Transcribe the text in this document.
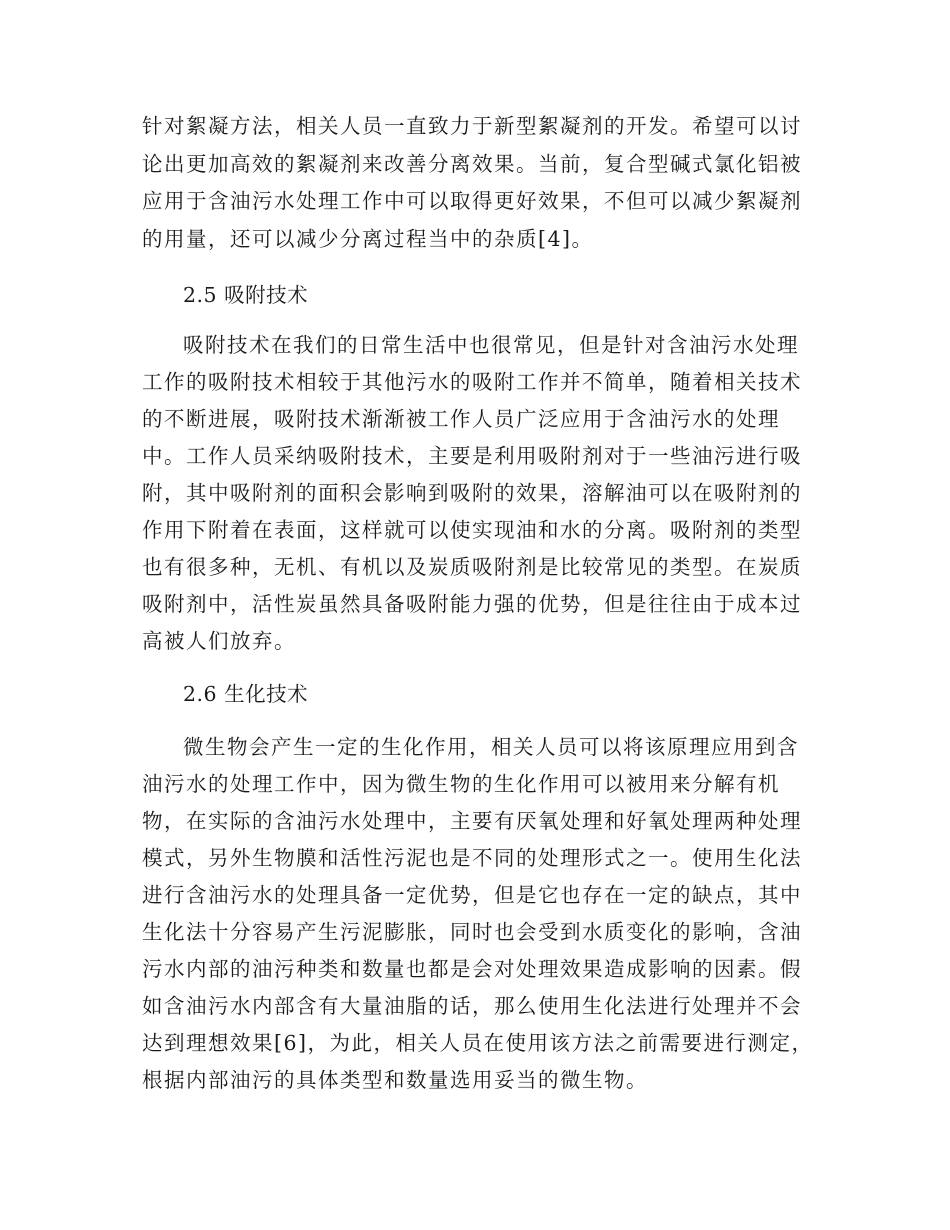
针对絮凝方法，相关人员一直致力于新型絮凝剂的开发。希望可以讨
论出更加高效的絮凝剂来改善分离效果。当前，复合型碱式氯化铝被
应用于含油污水处理工作中可以取得更好效果，不但可以减少絮凝剂
的用量，还可以减少分离过程当中的杂质[4]。
2.5 吸附技术
吸附技术在我们的日常生活中也很常见，但是针对含油污水处理
工作的吸附技术相较于其他污水的吸附工作并不简单，随着相关技术
的不断进展，吸附技术渐渐被工作人员广泛应用于含油污水的处理
中。工作人员采纳吸附技术，主要是利用吸附剂对于一些油污进行吸
附，其中吸附剂的面积会影响到吸附的效果，溶解油可以在吸附剂的
作用下附着在表面，这样就可以使实现油和水的分离。吸附剂的类型
也有很多种，无机、有机以及炭质吸附剂是比较常见的类型。在炭质
吸附剂中，活性炭虽然具备吸附能力强的优势，但是往往由于成本过
高被人们放弃。
2.6 生化技术
微生物会产生一定的生化作用，相关人员可以将该原理应用到含
油污水的处理工作中，因为微生物的生化作用可以被用来分解有机
物，在实际的含油污水处理中，主要有厌氧处理和好氧处理两种处理
模式，另外生物膜和活性污泥也是不同的处理形式之一。使用生化法
进行含油污水的处理具备一定优势，但是它也存在一定的缺点，其中
生化法十分容易产生污泥膨胀，同时也会受到水质变化的影响，含油
污水内部的油污种类和数量也都是会对处理效果造成影响的因素。假
如含油污水内部含有大量油脂的话，那么使用生化法进行处理并不会
达到理想效果[6]，为此，相关人员在使用该方法之前需要进行测定，
根据内部油污的具体类型和数量选用妥当的微生物。
